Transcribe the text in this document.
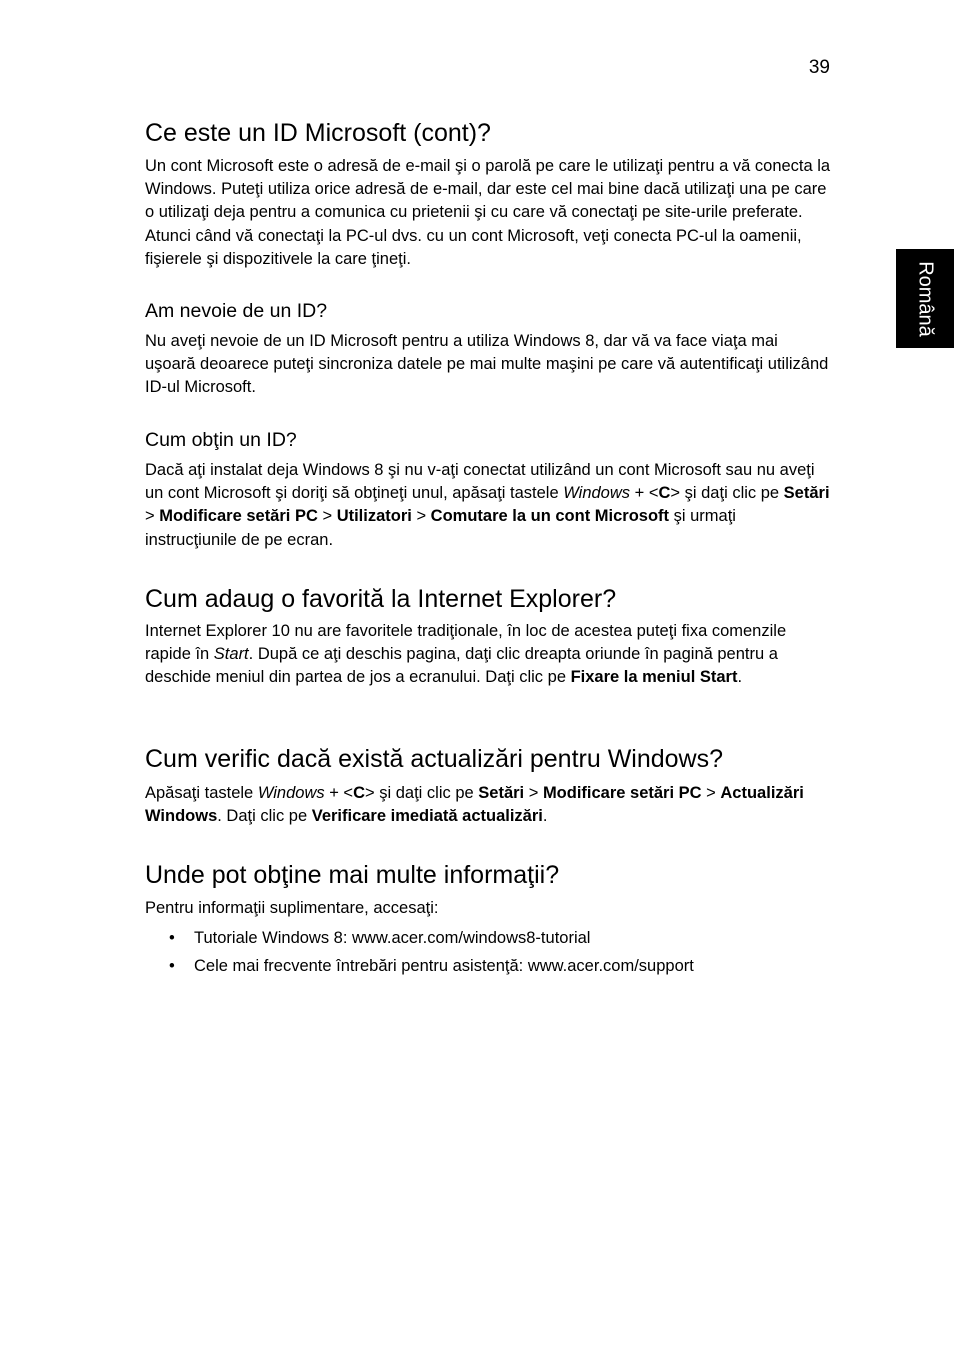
39
Română
Ce este un ID Microsoft (cont)?
Un cont Microsoft este o adresă de e-mail şi o parolă pe care le utilizaţi pentru a vă conecta la Windows. Puteţi utiliza orice adresă de e-mail, dar este cel mai bine dacă utilizaţi una pe care o utilizaţi deja pentru a comunica cu prietenii şi cu care vă conectaţi pe site-urile preferate. Atunci când vă conectaţi la PC-ul dvs. cu un cont Microsoft, veţi conecta PC-ul la oamenii, fişierele şi dispozitivele la care ţineţi.
Am nevoie de un ID?
Nu aveţi nevoie de un ID Microsoft pentru a utiliza Windows 8, dar vă va face viaţa mai uşoară deoarece puteţi sincroniza datele pe mai multe maşini pe care vă autentificaţi utilizând ID-ul Microsoft.
Cum obţin un ID?
Dacă aţi instalat deja Windows 8 şi nu v-aţi conectat utilizând un cont Microsoft sau nu aveţi un cont Microsoft şi doriţi să obţineţi unul, apăsaţi tastele Windows + <C> şi daţi clic pe Setări > Modificare setări PC > Utilizatori > Comutare la un cont Microsoft şi urmaţi instrucţiunile de pe ecran.
Cum adaug o favorită la Internet Explorer?
Internet Explorer 10 nu are favoritele tradiţionale, în loc de acestea puteţi fixa comenzile rapide în Start. După ce aţi deschis pagina, daţi clic dreapta oriunde în pagină pentru a deschide meniul din partea de jos a ecranului. Daţi clic pe Fixare la meniul Start.
Cum verific dacă există actualizări pentru Windows?
Apăsaţi tastele Windows + <C> şi daţi clic pe Setări > Modificare setări PC > Actualizări Windows. Daţi clic pe Verificare imediată actualizări.
Unde pot obţine mai multe informaţii?
Pentru informaţii suplimentare, accesaţi:
• Tutoriale Windows 8: www.acer.com/windows8-tutorial
• Cele mai frecvente întrebări pentru asistenţă: www.acer.com/support
